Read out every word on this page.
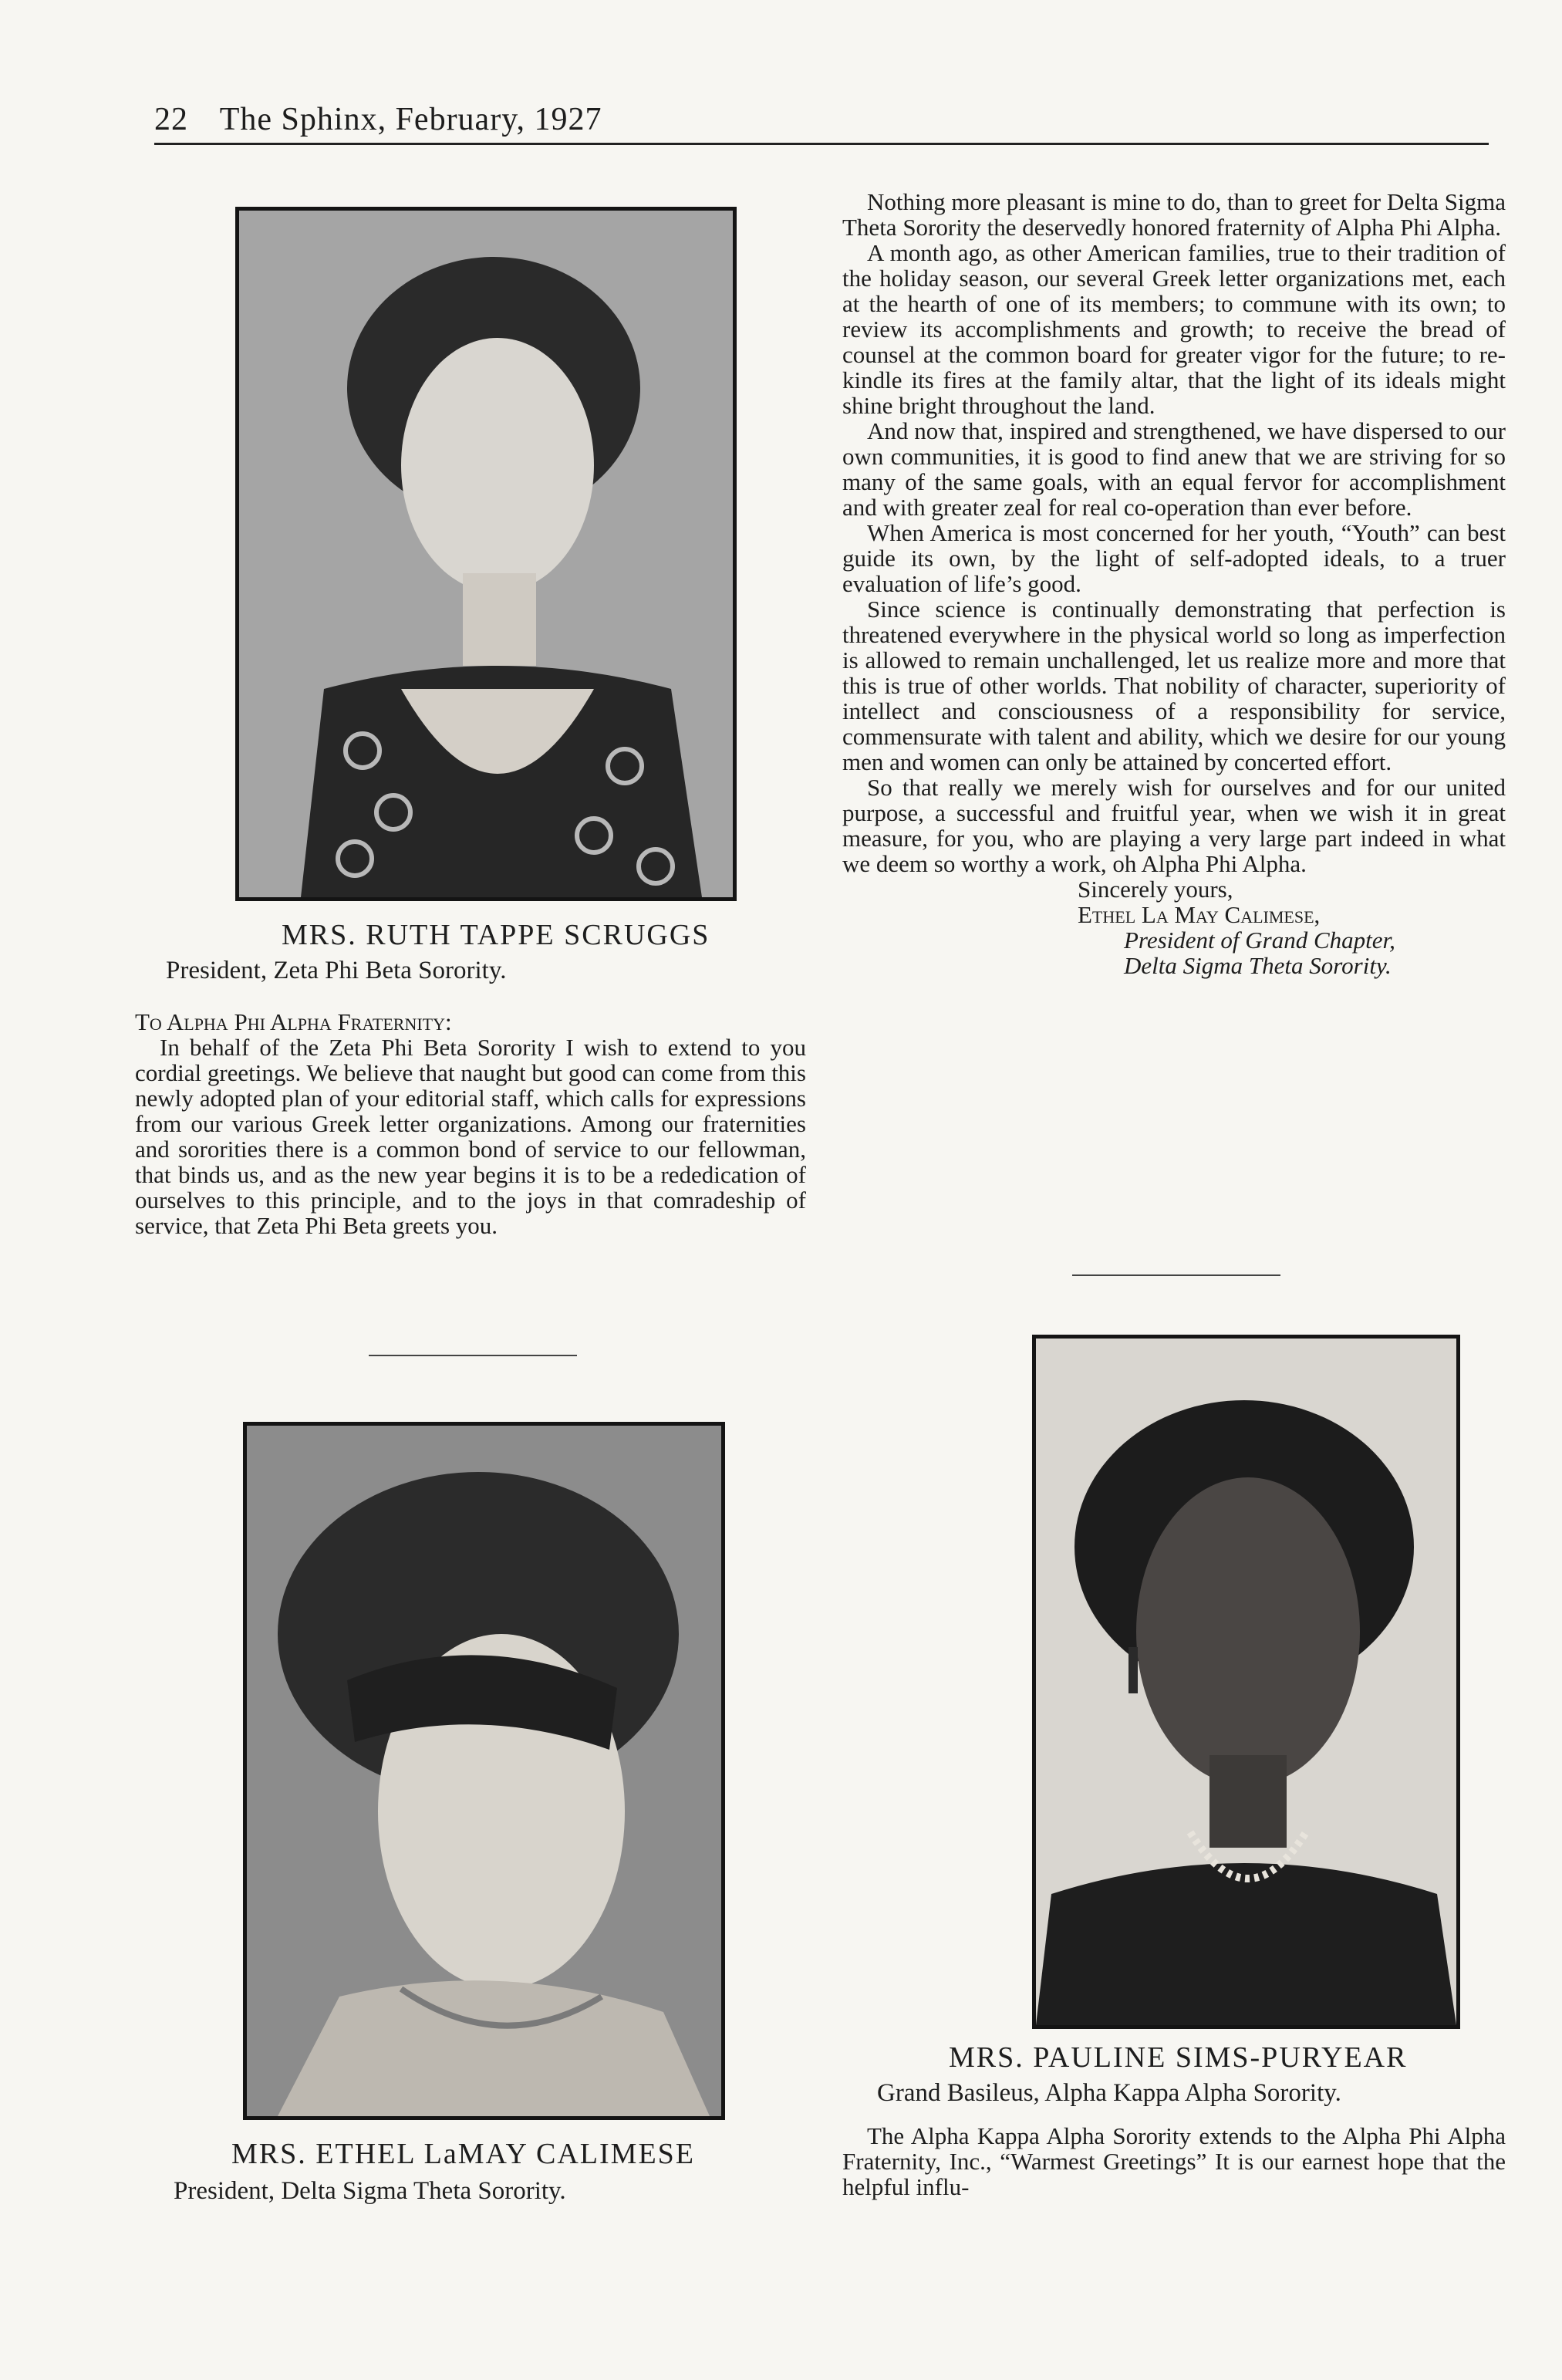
22 The Sphinx, February, 1927
MRS. RUTH TAPPE SCRUGGS
President, Zeta Phi Beta Sorority.
To Alpha Phi Alpha Fraternity:

In behalf of the Zeta Phi Beta Sorority I wish to extend to you cordial greetings. We believe that naught but good can come from this newly adopted plan of your editorial staff, which calls for expressions from our various Greek letter organizations. Among our fraternities and sororities there is a common bond of service to our fellowman, that binds us, and as the new year begins it is to be a rededication of ourselves to this principle, and to the joys in that comradeship of service, that Zeta Phi Beta greets you.

Nothing more pleasant is mine to do, than to greet for Delta Sigma Theta Sorority the deservedly honored fraternity of Alpha Phi Alpha.

A month ago, as other American families, true to their tradition of the holiday season, our several Greek letter organizations met, each at the hearth of one of its members; to commune with its own; to review its accomplishments and growth; to receive the bread of counsel at the common board for greater vigor for the future; to re-kindle its fires at the family altar, that the light of its ideals might shine bright throughout the land.

And now that, inspired and strengthened, we have dispersed to our own communities, it is good to find anew that we are striving for so many of the same goals, with an equal fervor for accomplishment and with greater zeal for real co-operation than ever before.

When America is most concerned for her youth, “Youth” can best guide its own, by the light of self-adopted ideals, to a truer evaluation of life’s good.

Since science is continually demonstrating that perfection is threatened everywhere in the physical world so long as imperfection is allowed to remain unchallenged, let us realize more and more that this is true of other worlds. That nobility of character, superiority of intellect and consciousness of a responsibility for service, commensurate with talent and ability, which we desire for our young men and women can only be attained by concerted effort.

So that really we merely wish for ourselves and for our united purpose, a successful and fruitful year, when we wish it in great measure, for you, who are playing a very large part indeed in what we deem so worthy a work, oh Alpha Phi Alpha.

Sincerely yours,
Ethel La May Calimese,
President of Grand Chapter,
Delta Sigma Theta Sorority.
MRS. ETHEL LaMAY CALIMESE
President, Delta Sigma Theta Sorority.
MRS. PAULINE SIMS-PURYEAR
Grand Basileus, Alpha Kappa Alpha Sorority.

The Alpha Kappa Alpha Sorority extends to the Alpha Phi Alpha Fraternity, Inc., “Warmest Greetings” It is our earnest hope that the helpful influ-
